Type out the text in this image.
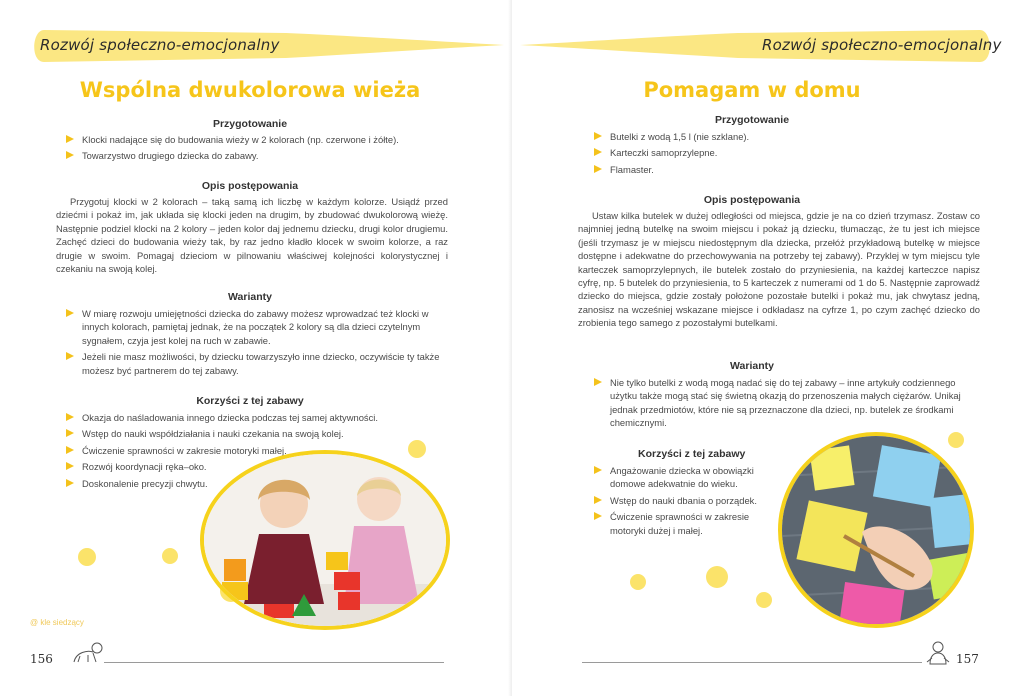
Rozwój społeczno-emocjonalny
Wspólna dwukolorowa wieża
Przygotowanie
Klocki nadające się do budowania wieży w 2 kolorach (np. czerwone i żółte).
Towarzystwo drugiego dziecka do zabawy.
Opis postępowania
Przygotuj klocki w 2 kolorach – taką samą ich liczbę w każdym kolorze. Usiądź przed dziećmi i pokaż im, jak układa się klocki jeden na drugim, by zbudować dwukolorową wieżę. Następnie podziel klocki na 2 kolory – jeden kolor daj jednemu dziecku, drugi kolor drugiemu. Zachęć dzieci do budowania wieży tak, by raz jedno kładło klocek w swoim kolorze, a raz drugie w swoim. Pomagaj dzieciom w pilnowaniu właściwej kolejności kolorystycznej i czekaniu na swoją kolej.
Warianty
W miarę rozwoju umiejętności dziecka do zabawy możesz wprowadzać też klocki w innych kolorach, pamiętaj jednak, że na początek 2 kolory są dla dzieci czytelnym sygnałem, czyja jest kolej na ruch w zabawie.
Jeżeli nie masz możliwości, by dziecku towarzyszyło inne dziecko, oczywiście ty także możesz być partnerem do tej zabawy.
Korzyści z tej zabawy
Okazja do naśladowania innego dziecka podczas tej samej aktywności.
Wstęp do nauki współdziałania i nauki czekania na swoją kolej.
Ćwiczenie sprawności w zakresie motoryki małej.
Rozwój koordynacji ręka–oko.
Doskonalenie precyzji chwytu.
@ kle siedzący
156
Rozwój społeczno-emocjonalny
Pomagam w domu
Przygotowanie
Butelki z wodą 1,5 l (nie szklane).
Karteczki samoprzylepne.
Flamaster.
Opis postępowania
Ustaw kilka butelek w dużej odległości od miejsca, gdzie je na co dzień trzymasz. Zostaw co najmniej jedną butelkę na swoim miejscu i pokaż ją dziecku, tłumacząc, że tu jest ich miejsce (jeśli trzymasz je w miejscu niedostępnym dla dziecka, przełóż przykładową butelkę w miejsce dostępne i adekwatne do przechowywania na potrzeby tej zabawy). Przyklej w tym miejscu tyle karteczek samoprzylepnych, ile butelek zostało do przyniesienia, na każdej karteczce napisz cyfrę, np. 5 butelek do przyniesienia, to 5 karteczek z numerami od 1 do 5. Następnie zaprowadź dziecko do miejsca, gdzie zostały położone pozostałe butelki i pokaż mu, jak chwytasz jedną, zanosisz na wcześniej wskazane miejsce i odkładasz na cyfrze 1, po czym zachęć dziecko do zrobienia tego samego z pozostałymi butelkami.
Warianty
Nie tylko butelki z wodą mogą nadać się do tej zabawy – inne artykuły codziennego użytku także mogą stać się świetną okazją do przenoszenia małych ciężarów. Unikaj jednak przedmiotów, które nie są przeznaczone dla dzieci, np. butelek ze środkami chemicznymi.
Korzyści z tej zabawy
Angażowanie dziecka w obowiązki domowe adekwatnie do wieku.
Wstęp do nauki dbania o porządek.
Ćwiczenie sprawności w zakresie motoryki dużej i małej.
157
